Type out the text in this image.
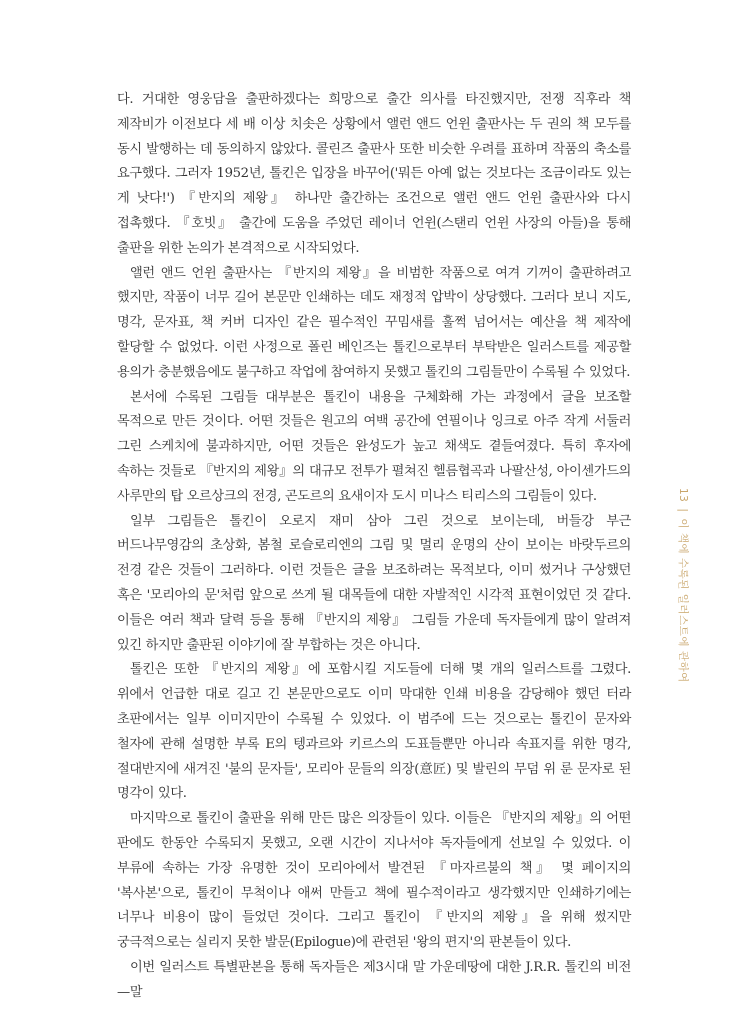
다. 거대한 영웅담을 출판하겠다는 희망으로 출간 의사를 타진했지만, 전쟁 직후라 책 제작비가 이전보다 세 배 이상 치솟은 상황에서 앨런 앤드 언윈 출판사는 두 권의 책 모두를 동시 발행하는 데 동의하지 않았다. 콜린즈 출판사 또한 비슷한 우려를 표하며 작품의 축소를 요구했다. 그러자 1952년, 톨킨은 입장을 바꾸어('뭐든 아예 없는 것보다는 조금이라도 있는 게 낫다!') 『반지의 제왕』 하나만 출간하는 조건으로 앨런 앤드 언윈 출판사와 다시 접촉했다. 『호빗』 출간에 도움을 주었던 레이너 언윈(스탠리 언윈 사장의 아들)을 통해 출판을 위한 논의가 본격적으로 시작되었다.

앨런 앤드 언윈 출판사는 『반지의 제왕』을 비범한 작품으로 여겨 기꺼이 출판하려고 했지만, 작품이 너무 길어 본문만 인쇄하는 데도 재정적 압박이 상당했다. 그러다 보니 지도, 명각, 문자표, 책 커버 디자인 같은 필수적인 꾸밈새를 훌쩍 넘어서는 예산을 책 제작에 할당할 수 없었다. 이런 사정으로 폴린 베인즈는 톨킨으로부터 부탁받은 일러스트를 제공할 용의가 충분했음에도 불구하고 작업에 참여하지 못했고 톨킨의 그림들만이 수록될 수 있었다.

본서에 수록된 그림들 대부분은 톨킨이 내용을 구체화해 가는 과정에서 글을 보조할 목적으로 만든 것이다. 어떤 것들은 원고의 여백 공간에 연필이나 잉크로 아주 작게 서둘러 그린 스케치에 불과하지만, 어떤 것들은 완성도가 높고 채색도 곁들여졌다. 특히 후자에 속하는 것들로 『반지의 제왕』의 대규모 전투가 펼쳐진 헬름협곡과 나팔산성, 아이센가드의 사루만의 탑 오르상크의 전경, 곤도르의 요새이자 도시 미나스 티리스의 그림들이 있다.

일부 그림들은 톨킨이 오로지 재미 삼아 그린 것으로 보이는데, 버들강 부근 버드나무영감의 초상화, 봄철 로슬로리엔의 그림 및 멀리 운명의 산이 보이는 바랏두르의 전경 같은 것들이 그러하다. 이런 것들은 글을 보조하려는 목적보다, 이미 썼거나 구상했던 혹은 '모리아의 문'처럼 앞으로 쓰게 될 대목들에 대한 자발적인 시각적 표현이었던 것 같다. 이들은 여러 책과 달력 등을 통해 『반지의 제왕』 그림들 가운데 독자들에게 많이 알려져 있긴 하지만 출판된 이야기에 잘 부합하는 것은 아니다.

톨킨은 또한 『반지의 제왕』에 포함시킬 지도들에 더해 몇 개의 일러스트를 그렸다. 위에서 언급한 대로 길고 긴 본문만으로도 이미 막대한 인쇄 비용을 감당해야 했던 터라 초판에서는 일부 이미지만이 수록될 수 있었다. 이 범주에 드는 것으로는 톨킨이 문자와 철자에 관해 설명한 부록 E의 텡과르와 키르스의 도표들뿐만 아니라 속표지를 위한 명각, 절대반지에 새겨진 '불의 문자들', 모리아 문들의 의장(意匠) 및 발린의 무덤 위 룬 문자로 된 명각이 있다.

마지막으로 톨킨이 출판을 위해 만든 많은 의장들이 있다. 이들은 『반지의 제왕』의 어떤 판에도 한동안 수록되지 못했고, 오랜 시간이 지나서야 독자들에게 선보일 수 있었다. 이 부류에 속하는 가장 유명한 것이 모리아에서 발견된 『마자르불의 책』 몇 페이지의 '복사본'으로, 톨킨이 무척이나 애써 만들고 책에 필수적이라고 생각했지만 인쇄하기에는 너무나 비용이 많이 들었던 것이다. 그리고 톨킨이 『반지의 제왕』을 위해 썼지만 궁극적으로는 실리지 못한 발문(Epilogue)에 관련된 '왕의 편지'의 판본들이 있다.

이번 일러스트 특별판본을 통해 독자들은 제3시대 말 가운데땅에 대한 J.R.R. 톨킨의 비전—말

13|이 책에 수록된 일러스트에 관하여
